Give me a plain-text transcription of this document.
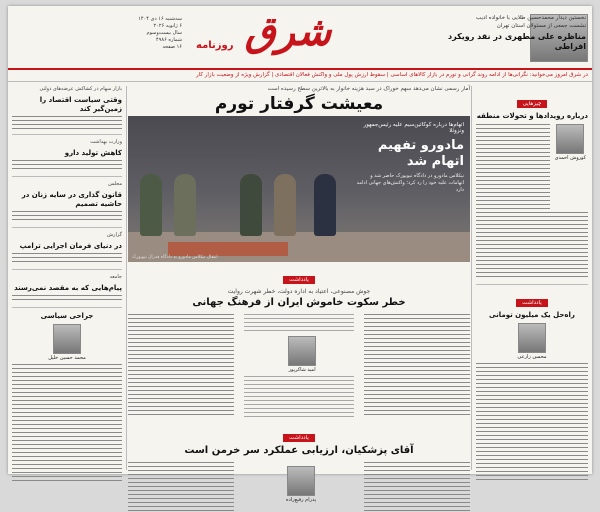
نخستین دیدار محمدحسین طلایی با خانواده ادیب
نشست جمعی از مسئولان استان تهران
مناظره علی مطهری در نقد رویکرد افراطی
شرق
روزنامه
سه‌شنبه ۱۶ دی ۱۴۰۴
۶ ژانویه ۲۰۲۶
سال بیست‌و‌سوم
شماره ۴۹۸۶
۱۶ صفحه
در شرق امروز می‌خوانید: نگرانی‌ها از ادامه روند گرانی و تورم در بازار کالاهای اساسی | سقوط ارزش پول ملی و واکنش فعالان اقتصادی | گزارش ویژه از وضعیت بازار کار
چیزهایی
درباره رویدادها و تحولات منطقه
کوروش احمدی
یادداشت
راه‌حل یک میلیون تومانی
محسن زارعی
آمار رسمی نشان می‌دهد سهم خوراک در سبد هزینه خانوار به بالاترین سطح رسیده است
معیشت گرفتار تورم
اتهام‌ها درباره کوکائین‌سیم علیه رئیس‌جمهور ونزوئلا
مادورو تفهیم اتهام شد
نیکلاس مادورو در دادگاه نیویورک حاضر شد و اتهامات علیه خود را رد کرد؛ واکنش‌های جهانی ادامه دارد
انتقال نیکلاس مادورو به دادگاه فدرال نیویورک
یادداشت
جوش مصنوعی، اعتیاد به اداره دولت، خطر شهرت روایت
خطر سکوت خاموش ایران از فرهنگ جهانی
امید شاکرپور
یادداشت
آقای پزشکیان، ارزیابی عملکرد سر خرمن است
پدرام رفیع‌زاده
بازار سهام در کشاکش عرضه‌های دولتی
وقتی سیاست اقتصاد را زمین‌گیر کند
وزارت بهداشت
کاهش تولید دارو
مجلس
قانون گذاری در سایه زنان در حاشیه تصمیم
گزارش
در دنیای فرمان اجرایی ترامپ
جامعه
پیام‌هایی که به مقصد نمی‌رسند
جراحی سیاسی
محمد حسین خلیل
